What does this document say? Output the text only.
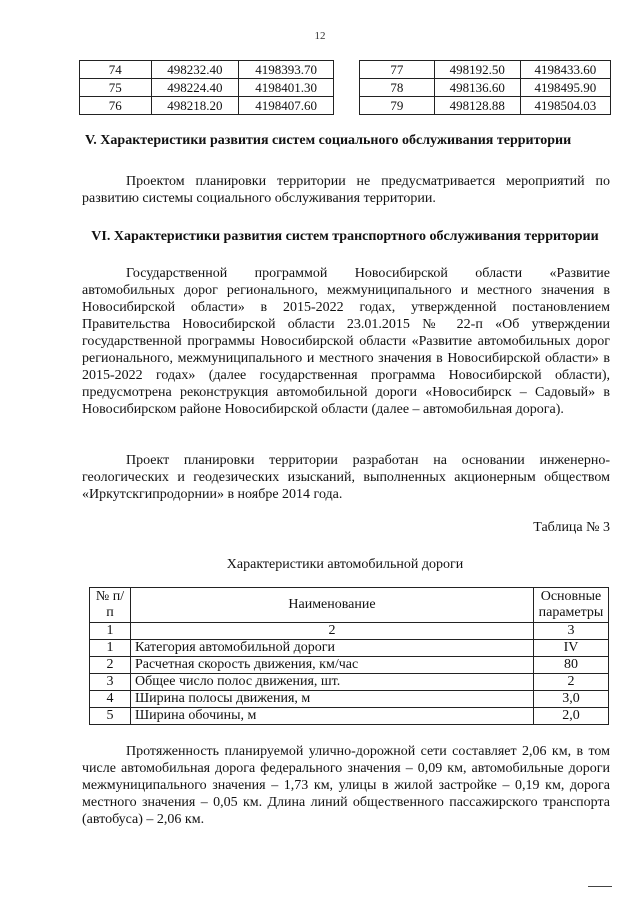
12
74	498232.40	4198393.70
75	498224.40	4198401.30
76	498218.20	4198407.60
77	498192.50	4198433.60
78	498136.60	4198495.90
79	498128.88	4198504.03
V. Характеристики развития систем социального обслуживания территории
Проектом планировки территории не предусматривается мероприятий по развитию системы социального обслуживания территории.
VI. Характеристики развития систем транспортного обслуживания территории
Государственной программой Новосибирской области «Развитие автомобильных дорог регионального, межмуниципального и местного значения в Новосибирской области» в 2015-2022 годах, утвержденной постановлением Правительства Новосибирской области 23.01.2015 № 22-п «Об утверждении государственной программы Новосибирской области «Развитие автомобильных дорог регионального, межмуниципального и местного значения в Новосибирской области» в 2015-2022 годах» (далее государственная программа Новосибирской области), предусмотрена реконструкция автомобильной дороги «Новосибирск – Садовый» в Новосибирском районе Новосибирской области (далее – автомобильная дорога).
Проект планировки территории разработан на основании инженерно-геологических и геодезических изысканий, выполненных акционерным обществом «Иркутскгипродорнии» в ноябре 2014 года.
Таблица № 3
Характеристики автомобильной дороги
№ п/п	Наименование	Основные параметры
1	2	3
1	Категория автомобильной дороги	IV
2	Расчетная скорость движения, км/час	80
3	Общее число полос движения, шт.	2
4	Ширина полосы движения, м	3,0
5	Ширина обочины, м	2,0
Протяженность планируемой улично-дорожной сети составляет 2,06 км, в том числе автомобильная дорога федерального значения – 0,09 км, автомобильные дороги межмуниципального значения – 1,73 км, улицы в жилой застройке – 0,19 км, дорога местного значения – 0,05 км. Длина линий общественного пассажирского транспорта (автобуса) – 2,06 км.
